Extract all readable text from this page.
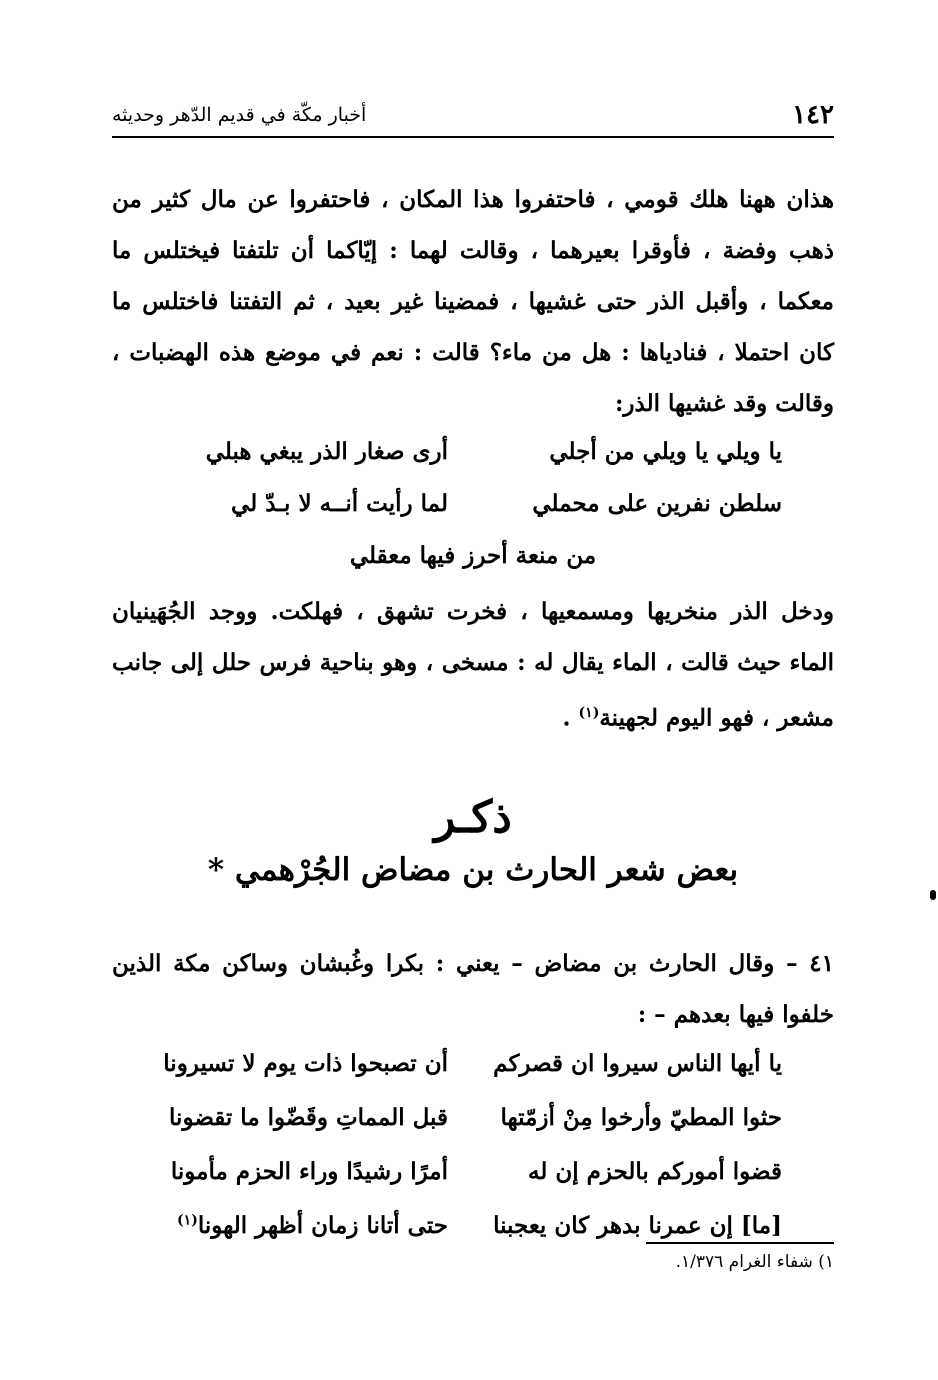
١٤٢
أخبار مكّة في قديم الدّهر وحديثه

هذان ههنا هلك قومي ، فاحتفروا هذا المكان ، فاحتفروا عن مال كثير من ذهب وفضة ، فأوقرا بعيرهما ، وقالت لهما : إيّاكما أن تلتفتا فيختلس ما معكما ، وأقبل الذر حتى غشيها ، فمضينا غير بعيد ، ثم التفتنا فاختلس ما كان احتملا ، فنادياها : هل من ماء؟ قالت : نعم في موضع هذه الهضبات ، وقالت وقد غشيها الذر:

يا ويلي يا ويلي من أجلي
أرى صغار الذر يبغي هبلي
سلطن نفرين على محملي
لما رأيت أنــه لا بـدّ لي
من منعة أحرز فيها معقلي

ودخل الذر منخريها ومسمعيها ، فخرت تشهق ، فهلكت. ووجد الجُهَينيان الماء حيث قالت ، الماء يقال له : مسخى ، وهو بناحية فرس حلل إلى جانب مشعر ، فهو اليوم لجهينة$^{(١)}$ .

ذكـر
بعض شعر الحارث بن مضاض الجُرْهمي *

٤١ – وقال الحارث بن مضاض – يعني : بكرا وغُبشان وساكن مكة الذين خلفوا فيها بعدهم – :

يا أيها الناس سيروا ان قصركم
أن تصبحوا ذات يوم لا تسيرونا
حثوا المطيّ وأرخوا مِنْ أزمّتها
قبل المماتِ وقَضّوا ما تقضونا
قضوا أموركم بالحزم إن له
أمرًا رشيدًا وراء الحزم مأمونا
[ما] إن عمرنا بدهر كان يعجبنا
حتى أتانا زمان أظهر الهونا$^{(١)}$
١) شفاء الغرام ١/٣٧٦.
